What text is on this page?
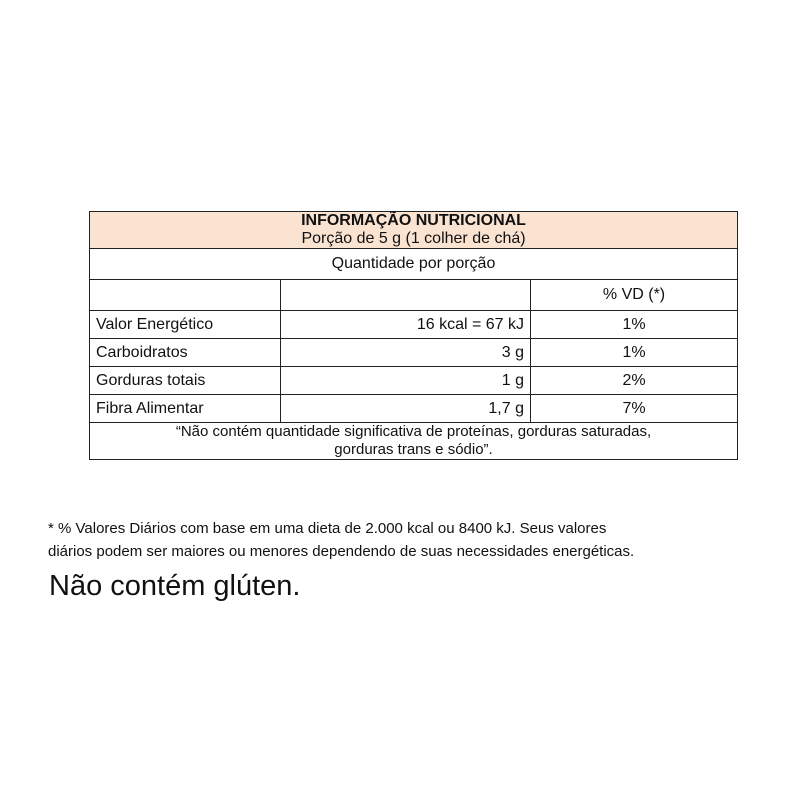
INFORMAÇÃO NUTRICIONAL
Porção de 5 g (1 colher de chá)		

Quantidade por porção		
		% VD (*)
Valor Energético	16 kcal = 67 kJ	1%
Carboidratos	3 g	1%
Gorduras totais	1 g	2%
Fibra Alimentar	1,7 g	7%

“Não contém quantidade significativa de proteínas, gorduras saturadas,
gorduras trans e sódio”.		
* % Valores Diários com base em uma dieta de 2.000 kcal ou 8400 kJ. Seus valores
diários podem ser maiores ou menores dependendo de suas necessidades energéticas.
Não contém glúten.
